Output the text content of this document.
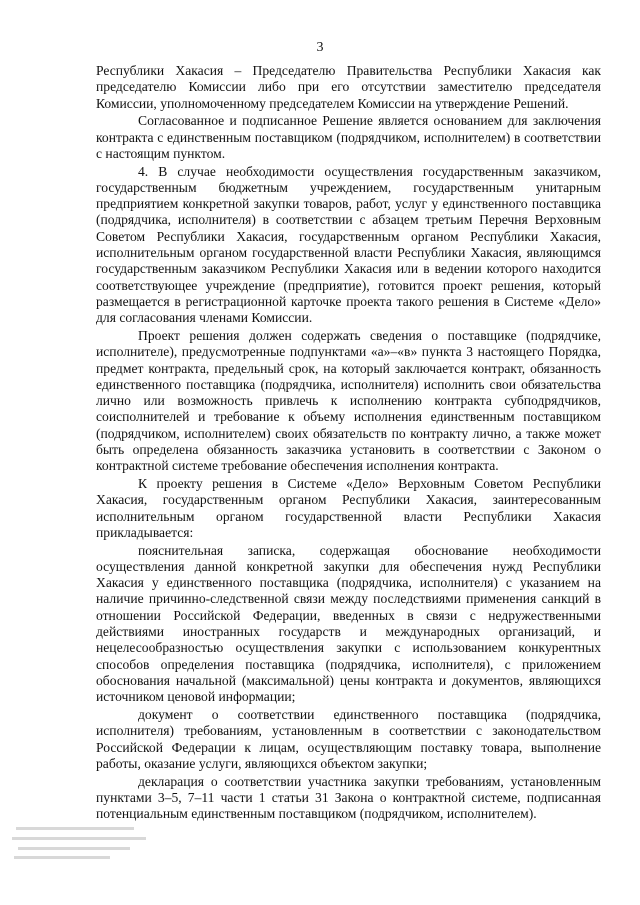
3

Республики Хакасия – Председателю Правительства Республики Хакасия как председателю Комиссии либо при его отсутствии заместителю председателя Комиссии, уполномоченному председателем Комиссии на утверждение Решений.

Согласованное и подписанное Решение является основанием для заключения контракта с единственным поставщиком (подрядчиком, исполнителем) в соответствии с настоящим пунктом.

4. В случае необходимости осуществления государственным заказчиком, государственным бюджетным учреждением, государственным унитарным предприятием конкретной закупки товаров, работ, услуг у единственного поставщика (подрядчика, исполнителя) в соответствии с абзацем третьим Перечня Верховным Советом Республики Хакасия, государственным органом Республики Хакасия, исполнительным органом государственной власти Республики Хакасия, являющимся государственным заказчиком Республики Хакасия или в ведении которого находится соответствующее учреждение (предприятие), готовится проект решения, который размещается в регистрационной карточке проекта такого решения в Системе «Дело» для согласования членами Комиссии.

Проект решения должен содержать сведения о поставщике (подрядчике, исполнителе), предусмотренные подпунктами «а»–«в» пункта 3 настоящего Порядка, предмет контракта, предельный срок, на который заключается контракт, обязанность единственного поставщика (подрядчика, исполнителя) исполнить свои обязательства лично или возможность привлечь к исполнению контракта субподрядчиков, соисполнителей и требование к объему исполнения единственным поставщиком (подрядчиком, исполнителем) своих обязательств по контракту лично, а также может быть определена обязанность заказчика установить в соответствии с Законом о контрактной системе требование обеспечения исполнения контракта.

К проекту решения в Системе «Дело» Верховным Советом Республики Хакасия, государственным органом Республики Хакасия, заинтересованным исполнительным органом государственной власти Республики Хакасия прикладывается:

пояснительная записка, содержащая обоснование необходимости осуществления данной конкретной закупки для обеспечения нужд Республики Хакасия у единственного поставщика (подрядчика, исполнителя) с указанием на наличие причинно-следственной связи между последствиями применения санкций в отношении Российской Федерации, введенных в связи с недружественными действиями иностранных государств и международных организаций, и нецелесообразностью осуществления закупки с использованием конкурентных способов определения поставщика (подрядчика, исполнителя), с приложением обоснования начальной (максимальной) цены контракта и документов, являющихся источником ценовой информации;

документ о соответствии единственного поставщика (подрядчика, исполнителя) требованиям, установленным в соответствии с законодательством Российской Федерации к лицам, осуществляющим поставку товара, выполнение работы, оказание услуги, являющихся объектом закупки;

декларация о соответствии участника закупки требованиям, установленным пунктами 3–5, 7–11 части 1 статьи 31 Закона о контрактной системе, подписанная потенциальным единственным поставщиком (подрядчиком, исполнителем).
